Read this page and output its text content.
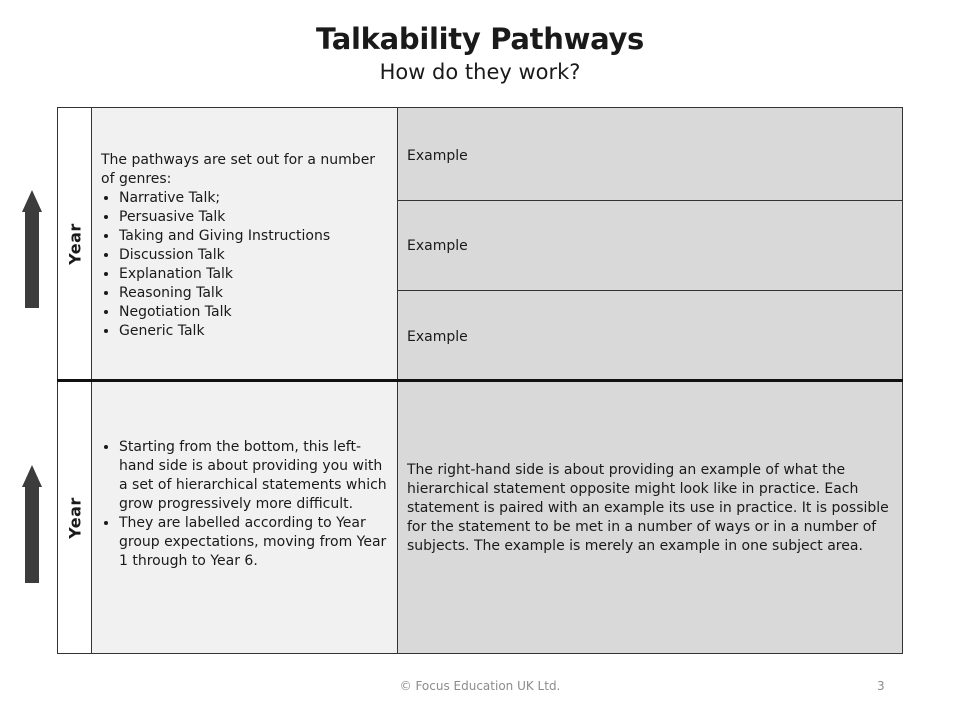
Talkability Pathways
How do they work?
Year
The pathways are set out for a number of genres:
• Narrative Talk;
• Persuasive Talk
• Taking and Giving Instructions
• Discussion Talk
• Explanation Talk
• Reasoning Talk
• Negotiation Talk
• Generic Talk
Example
Example
Example
Year
• Starting from the bottom, this left-hand side is about providing you with a set of hierarchical statements which grow progressively more difficult.
• They are labelled according to Year group expectations, moving from Year 1 through to Year 6.
The right-hand side is about providing an example of what the hierarchical statement opposite might look like in practice. Each statement is paired with an example its use in practice. It is possible for the statement to be met in a number of ways or in a number of subjects. The example is merely an example in one subject area.
© Focus Education UK Ltd.	3
